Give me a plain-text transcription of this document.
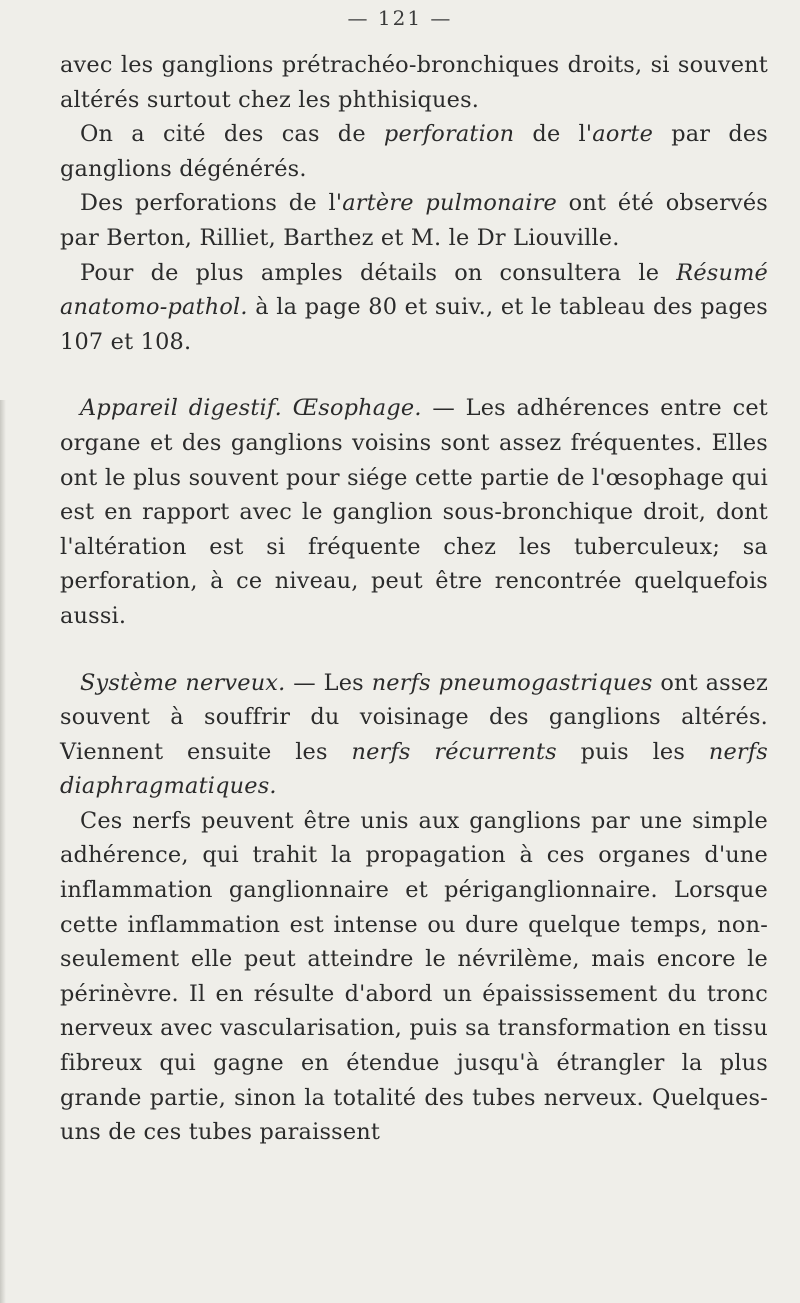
— 121 —

avec les ganglions prétrachéo-bronchiques droits, si souvent altérés surtout chez les phthisiques.

On a cité des cas de perforation de l'aorte par des ganglions dégénérés.

Des perforations de l'artère pulmonaire ont été observés par Berton, Rilliet, Barthez et M. le Dr Liouville.

Pour de plus amples détails on consultera le Résumé anatomo-pathol. à la page 80 et suiv., et le tableau des pages 107 et 108.

Appareil digestif. Œsophage. — Les adhérences entre cet organe et des ganglions voisins sont assez fréquentes. Elles ont le plus souvent pour siége cette partie de l'œsophage qui est en rapport avec le ganglion sous-bronchique droit, dont l'altération est si fréquente chez les tuberculeux; sa perforation, à ce niveau, peut être rencontrée quelquefois aussi.

Système nerveux. — Les nerfs pneumogastriques ont assez souvent à souffrir du voisinage des ganglions altérés. Viennent ensuite les nerfs récurrents puis les nerfs diaphragmatiques.

Ces nerfs peuvent être unis aux ganglions par une simple adhérence, qui trahit la propagation à ces organes d'une inflammation ganglionnaire et périganglionnaire. Lorsque cette inflammation est intense ou dure quelque temps, non-seulement elle peut atteindre le névrilème, mais encore le périnèvre. Il en résulte d'abord un épaississement du tronc nerveux avec vascularisation, puis sa transformation en tissu fibreux qui gagne en étendue jusqu'à étrangler la plus grande partie, sinon la totalité des tubes nerveux. Quelques-uns de ces tubes paraissent
